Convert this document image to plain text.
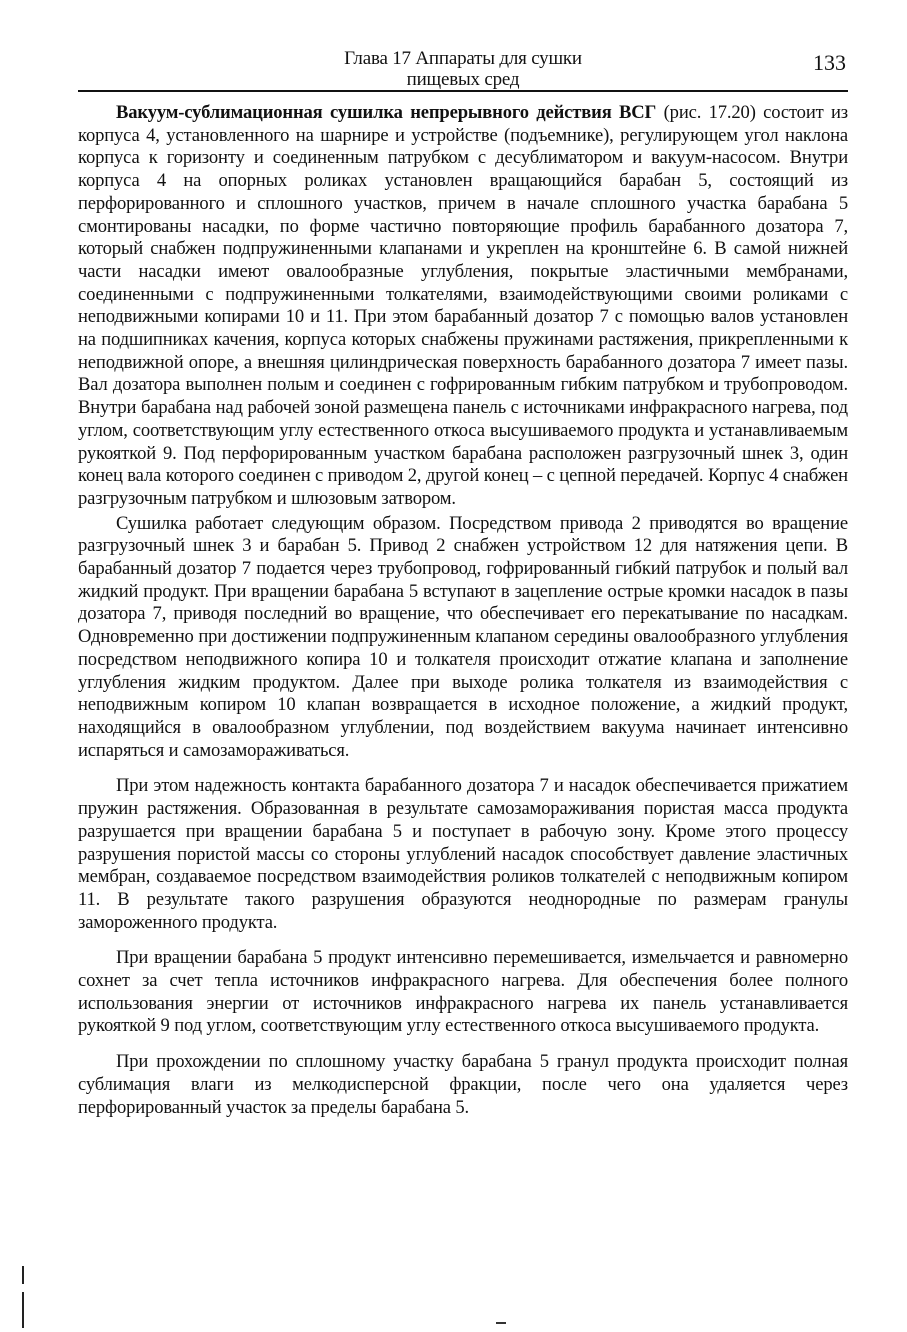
Глава 17 Аппараты для сушки
пищевых сред
133

Вакуум-сублимационная сушилка непрерывного действия ВСГ (рис. 17.20) состоит из корпуса 4, установленного на шарнире и устройстве (подъемнике), регулирующем угол наклона корпуса к горизонту и соединенным патрубком с десублиматором и вакуум-насосом. Внутри корпуса 4 на опорных роликах установлен вращающийся барабан 5, состоящий из перфорированного и сплошного участков, причем в начале сплошного участка барабана 5 смонтированы насадки, по форме частично повторяющие профиль барабанного дозатора 7, который снабжен подпружиненными клапанами и укреплен на кронштейне 6. В самой нижней части насадки имеют овалообразные углубления, покрытые эластичными мембранами, соединенными с подпружиненными толкателями, взаимодействующими своими роликами с неподвижными копирами 10 и 11. При этом барабанный дозатор 7 с помощью валов установлен на подшипниках качения, корпуса которых снабжены пружинами растяжения, прикрепленными к неподвижной опоре, а внешняя цилиндрическая поверхность барабанного дозатора 7 имеет пазы. Вал дозатора выполнен полым и соединен с гофрированным гибким патрубком и трубопроводом. Внутри барабана над рабочей зоной размещена панель с источниками инфракрасного нагрева, под углом, соответствующим углу естественного откоса высушиваемого продукта и устанавливаемым рукояткой 9. Под перфорированным участком барабана расположен разгрузочный шнек 3, один конец вала которого соединен с приводом 2, другой конец – с цепной передачей. Корпус 4 снабжен разгрузочным патрубком и шлюзовым затвором.

Сушилка работает следующим образом. Посредством привода 2 приводятся во вращение разгрузочный шнек 3 и барабан 5. Привод 2 снабжен устройством 12 для натяжения цепи. В барабанный дозатор 7 подается через трубопровод, гофрированный гибкий патрубок и полый вал жидкий продукт. При вращении барабана 5 вступают в зацепление острые кромки насадок в пазы дозатора 7, приводя последний во вращение, что обеспечивает его перекатывание по насадкам. Одновременно при достижении подпружиненным клапаном середины овалообразного углубления посредством неподвижного копира 10 и толкателя происходит отжатие клапана и заполнение углубления жидким продуктом. Далее при выходе ролика толкателя из взаимодействия с неподвижным копиром 10 клапан возвращается в исходное положение, а жидкий продукт, находящийся в овалообразном углублении, под воздействием вакуума начинает интенсивно испаряться и самозамораживаться.

При этом надежность контакта барабанного дозатора 7 и насадок обеспечивается прижатием пружин растяжения. Образованная в результате самозамораживания пористая масса продукта разрушается при вращении барабана 5 и поступает в рабочую зону. Кроме этого процессу разрушения пористой массы со стороны углублений насадок способствует давление эластичных мембран, создаваемое посредством взаимодействия роликов толкателей с неподвижным копиром 11. В результате такого разрушения образуются неоднородные по размерам гранулы замороженного продукта.

При вращении барабана 5 продукт интенсивно перемешивается, измельчается и равномерно сохнет за счет тепла источников инфракрасного нагрева. Для обеспечения более полного использования энергии от источников инфракрасного нагрева их панель устанавливается рукояткой 9 под углом, соответствующим углу естественного откоса высушиваемого продукта.

При прохождении по сплошному участку барабана 5 гранул продукта происходит полная сублимация влаги из мелкодисперсной фракции, после чего она удаляется через перфорированный участок за пределы барабана 5.
